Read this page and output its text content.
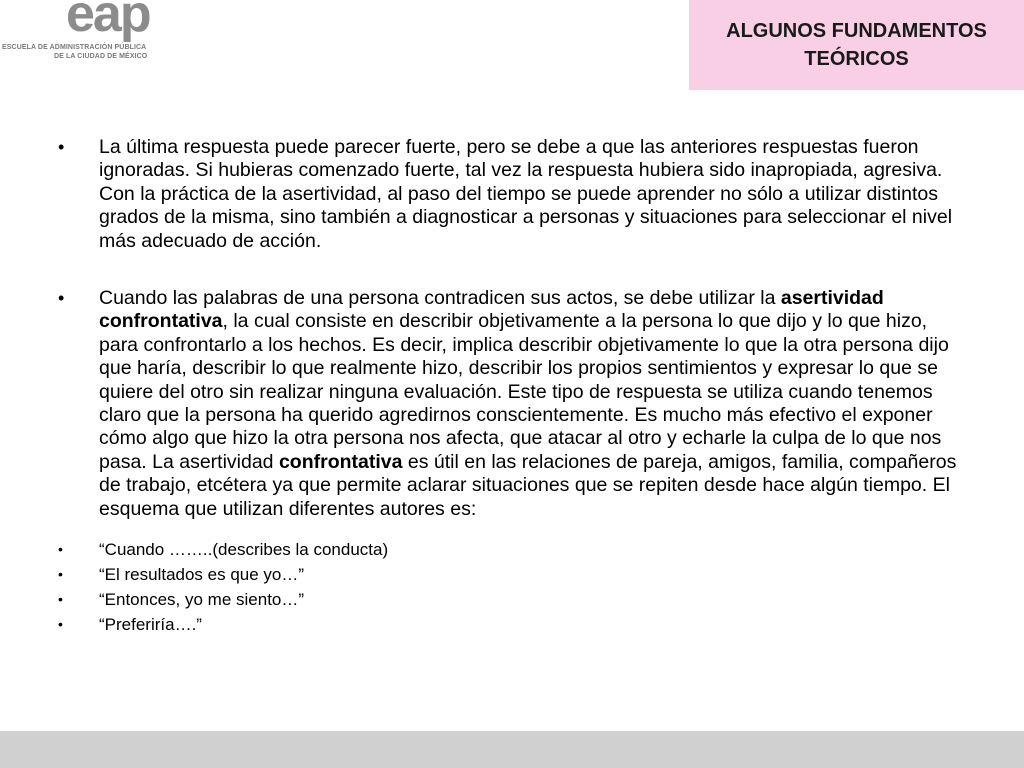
eap
ESCUELA DE ADMINISTRACIÓN PÚBLICA
DE LA CIUDAD DE MÉXICO
ALGUNOS FUNDAMENTOS
TEÓRICOS
•	La última respuesta puede parecer fuerte, pero se debe a que las anteriores respuestas fueron ignoradas. Si hubieras comenzado fuerte, tal vez la respuesta hubiera sido inapropiada, agresiva. Con la práctica de la asertividad, al paso del tiempo se puede aprender no sólo a utilizar distintos grados de la misma, sino también a diagnosticar a personas y situaciones para seleccionar el nivel más adecuado de acción.
•	Cuando las palabras de una persona contradicen sus actos, se debe utilizar la asertividad confrontativa, la cual consiste en describir objetivamente a la persona lo que dijo y lo que hizo, para confrontarlo a los hechos. Es decir, implica describir objetivamente lo que la otra persona dijo que haría, describir lo que realmente hizo, describir los propios sentimientos y expresar lo que se quiere del otro sin realizar ninguna evaluación. Este tipo de respuesta se utiliza cuando tenemos claro que la persona ha querido agredirnos conscientemente. Es mucho más efectivo el exponer cómo algo que hizo la otra persona nos afecta, que atacar al otro y echarle la culpa de lo que nos pasa. La asertividad confrontativa es útil en las relaciones de pareja, amigos, familia, compañeros de trabajo, etcétera ya que permite aclarar situaciones que se repiten desde hace algún tiempo. El esquema que utilizan diferentes autores es:
•	“Cuando ……..(describes la conducta)
•	“El resultados es que yo…”
•	“Entonces, yo me siento…”
•	“Preferiría….”
